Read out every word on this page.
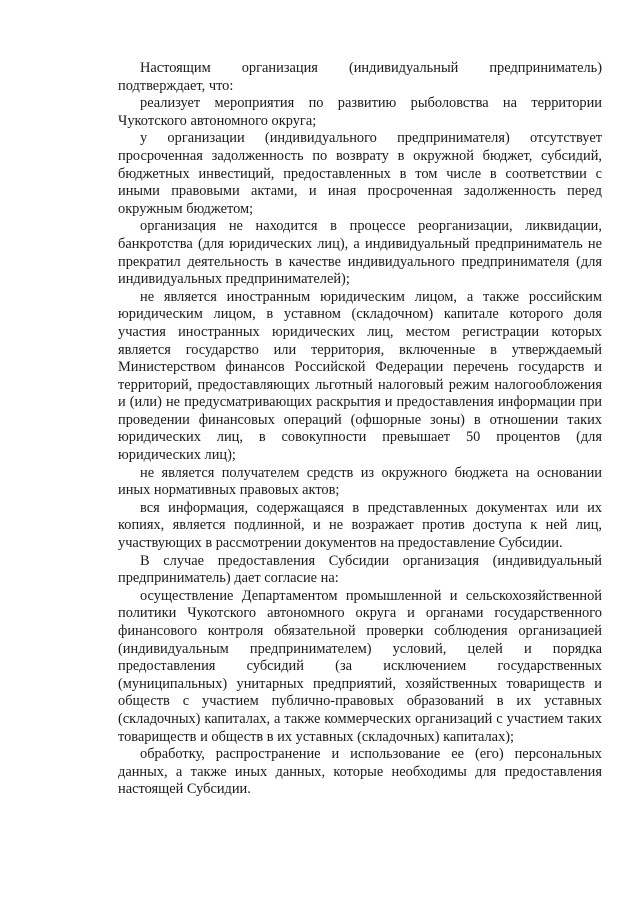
Настоящим организация (индивидуальный предприниматель) подтверждает, что:

реализует мероприятия по развитию рыболовства на территории Чукотского автономного округа;

у организации (индивидуального предпринимателя) отсутствует просроченная задолженность по возврату в окружной бюджет, субсидий, бюджетных инвестиций, предоставленных в том числе в соответствии с иными правовыми актами, и иная просроченная задолженность перед окружным бюджетом;

организация не находится в процессе реорганизации, ликвидации, банкротства (для юридических лиц), а индивидуальный предприниматель не прекратил деятельность в качестве индивидуального предпринимателя (для индивидуальных предпринимателей);

не является иностранным юридическим лицом, а также российским юридическим лицом, в уставном (складочном) капитале которого доля участия иностранных юридических лиц, местом регистрации которых является государство или территория, включенные в утверждаемый Министерством финансов Российской Федерации перечень государств и территорий, предоставляющих льготный налоговый режим налогообложения и (или) не предусматривающих раскрытия и предоставления информации при проведении финансовых операций (офшорные зоны) в отношении таких юридических лиц, в совокупности превышает 50 процентов (для юридических лиц);

не является получателем средств из окружного бюджета на основании иных нормативных правовых актов;

вся информация, содержащаяся в представленных документах или их копиях, является подлинной, и не возражает против доступа к ней лиц, участвующих в рассмотрении документов на предоставление Субсидии.

В случае предоставления Субсидии организация (индивидуальный предприниматель) дает согласие на:

осуществление Департаментом промышленной и сельскохозяйственной политики Чукотского автономного округа и органами государственного финансового контроля обязательной проверки соблюдения организацией (индивидуальным предпринимателем) условий, целей и порядка предоставления субсидий (за исключением государственных (муниципальных) унитарных предприятий, хозяйственных товариществ и обществ с участием публично-правовых образований в их уставных (складочных) капиталах, а также коммерческих организаций с участием таких товариществ и обществ в их уставных (складочных) капиталах);

обработку, распространение и использование ее (его) персональных данных, а также иных данных, которые необходимы для предоставления настоящей Субсидии.
